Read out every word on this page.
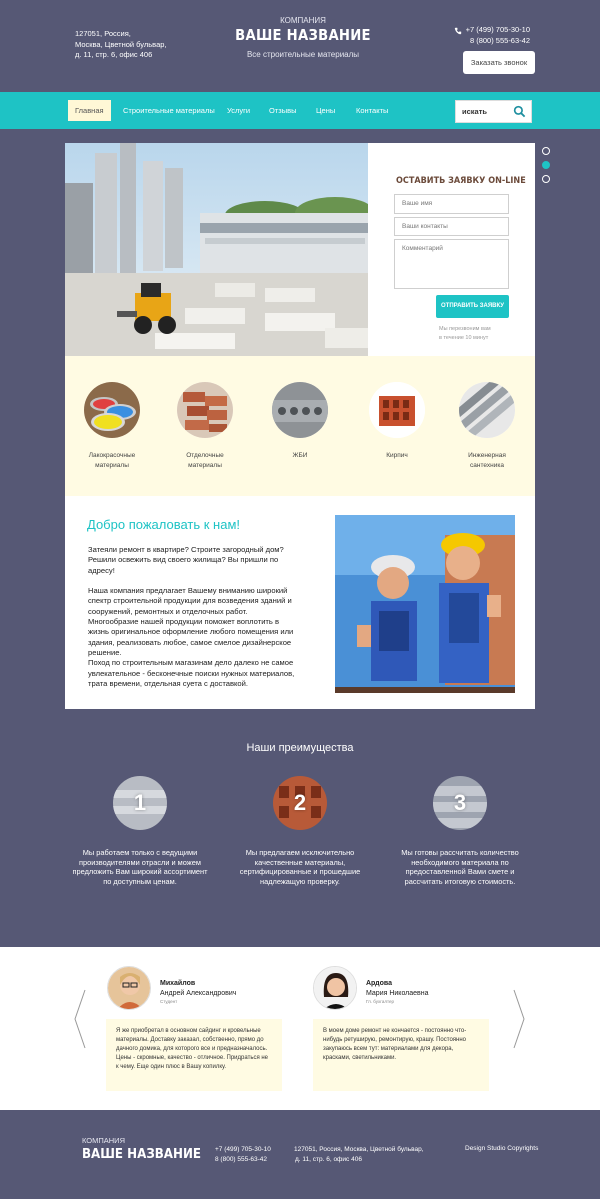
127051, Россия,
Москва, Цветной бульвар,
д. 11, стр. 6, офис 406
КОМПАНИЯ
ВАШЕ НАЗВАНИЕ
Все строительные материалы
+7 (499) 705-30-10
8 (800) 555-63-42
Заказать звонок
Главная	Строительные материалы Услуги	Отзывы	Цены	Контакты	искать
ОСТАВИТЬ ЗАЯВКУ ON-LINE
Ваше имя
Ваши контакты
Комментарий
ОТПРАВИТЬ ЗАЯВКУ
Мы перезвоним вам
в течение 10 минут
Лакокрасочные
материалы
Отделочные
материалы
ЖБИ	Кирпич	Инженерная
сантехника
Добро пожаловать к нам!

Затеяли ремонт в квартире? Строите загородный дом? Решили освежить вид своего жилища? Вы пришли по адресу!

Наша компания предлагает Вашему вниманию широкий спектр строительной продукции для возведения зданий и сооружений, ремонтных и отделочных работ.

Многообразие нашей продукции поможет воплотить в жизнь оригинальное оформление любого помещения или здания, реализовать любое, самое смелое дизайнерское решение.

Поход по строительным магазинам дело далеко не самое увлекательное - бесконечные поиски нужных материалов, трата времени, отдельная суета с доставкой.

Наши преимущества
1
Мы работаем только с ведущими производителями отрасли и можем предложить Вам широкий ассортимент по доступным ценам.
2
Мы предлагаем исключительно качественные материалы, сертифицированные и прошедшие надлежащую проверку.
3
Мы готовы рассчитать количество необходимого материала по предоставленной Вами смете и рассчитать итоговую стоимость.
Михайлов
Андрей Александрович
Студент
Я же приобретал в основном сайдинг и кровельные материалы. Доставку заказал, собственно, прямо до дачного домика, для которого все и предназначалось. Цены - скромные, качество - отличное. Придраться не к чему. Еще один плюс в Вашу копилку.
Ардова
Мария Николаевна
Гл. бухгалтер
В моем доме ремонт не кончается - постоянно что-нибудь ретуширую, ремонтирую, крашу. Постоянно закупаюсь всем тут: материалами для декора, красками, светильниками.
КОМПАНИЯ
ВАШЕ НАЗВАНИЕ +7 (499) 705-30-10
8 (800) 555-63-42
127051, Россия, Москва, Цветной бульвар,
д. 11, стр. 6, офис 406
Design Studio Copyrights
